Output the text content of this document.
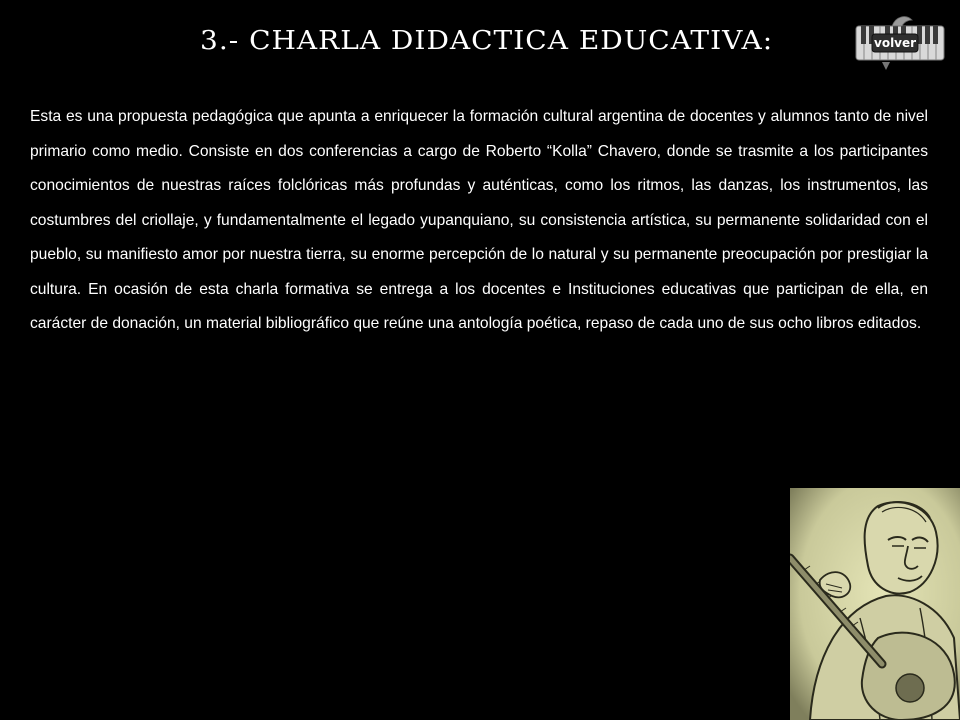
3.- CHARLA DIDACTICA EDUCATIVA:

Esta es una propuesta pedagógica que apunta a enriquecer la formación cultural argentina de docentes y alumnos tanto de nivel primario como medio. Consiste en dos conferencias a cargo de Roberto “Kolla” Chavero, donde se trasmite a los participantes conocimientos de nuestras raíces folclóricas más profundas y auténticas, como los ritmos, las danzas, los instrumentos, las costumbres del criollaje, y fundamentalmente el legado yupanquiano, su consistencia artística, su permanente solidaridad con el pueblo, su manifiesto amor por nuestra tierra, su enorme percepción de lo natural y su permanente preocupación por prestigiar la cultura. En ocasión de esta charla formativa se entrega a los docentes e Instituciones educativas que participan de ella, en carácter de donación, un material bibliográfico que reúne una antología poética, repaso de cada uno de sus ocho libros editados.

volver
